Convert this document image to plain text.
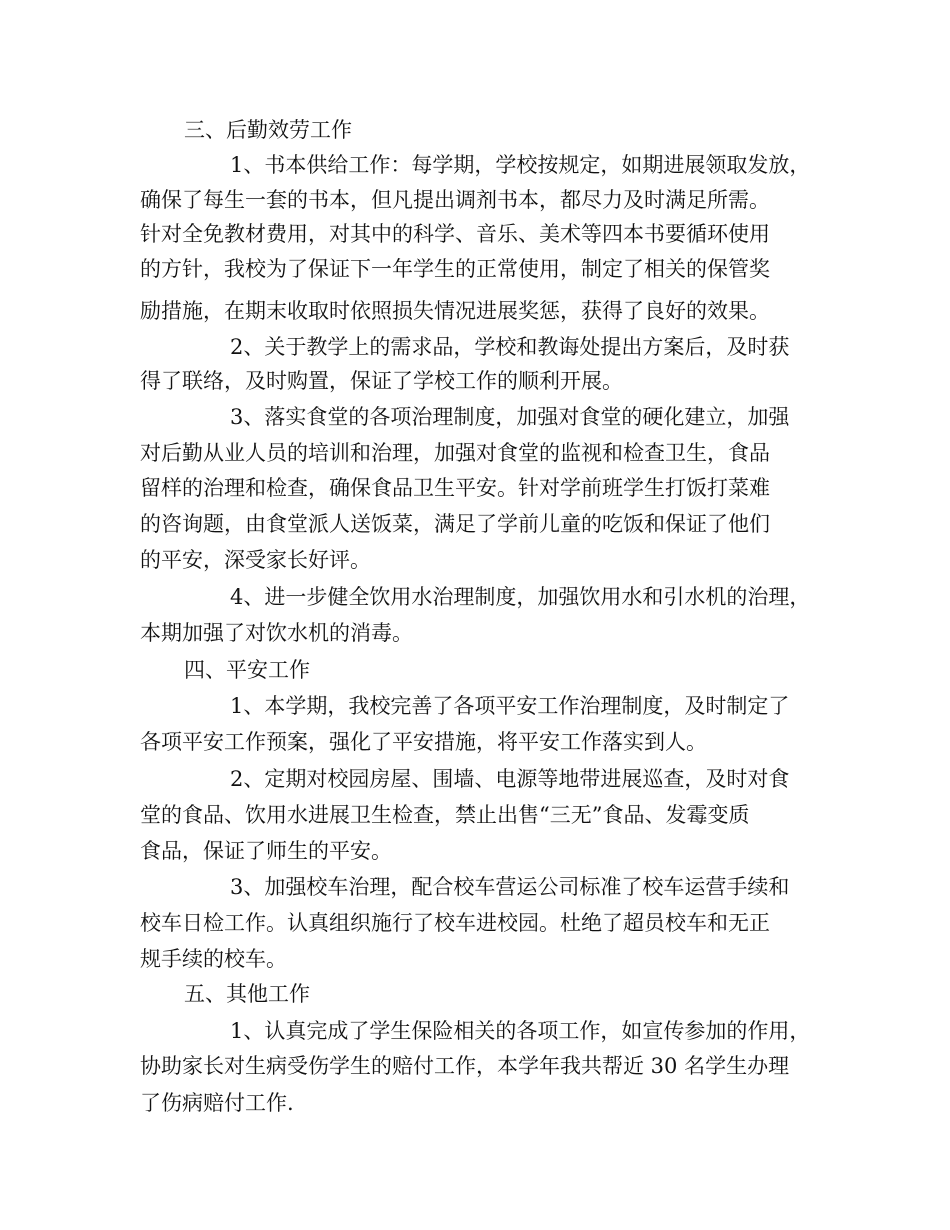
三、后勤效劳工作
1、书本供给工作：每学期，学校按规定，如期进展领取发放，
确保了每生一套的书本，但凡提出调剂书本，都尽力及时满足所需。
针对全免教材费用，对其中的科学、音乐、美术等四本书要循环使用
的方针，我校为了保证下一年学生的正常使用，制定了相关的保管奖
励措施，在期末收取时依照损失情况进展奖惩，获得了良好的效果。
2、关于教学上的需求品，学校和教诲处提出方案后，及时获
得了联络，及时购置，保证了学校工作的顺利开展。
3、落实食堂的各项治理制度，加强对食堂的硬化建立，加强
对后勤从业人员的培训和治理，加强对食堂的监视和检查卫生，食品
留样的治理和检查，确保食品卫生平安。针对学前班学生打饭打菜难
的咨询题，由食堂派人送饭菜，满足了学前儿童的吃饭和保证了他们
的平安，深受家长好评。
4、进一步健全饮用水治理制度，加强饮用水和引水机的治理，
本期加强了对饮水机的消毒。
四、平安工作
1、本学期，我校完善了各项平安工作治理制度，及时制定了
各项平安工作预案，强化了平安措施，将平安工作落实到人。
2、定期对校园房屋、围墙、电源等地带进展巡查，及时对食
堂的食品、饮用水进展卫生检查，禁止出售“三无”食品、发霉变质
食品，保证了师生的平安。
3、加强校车治理，配合校车营运公司标准了校车运营手续和
校车日检工作。认真组织施行了校车进校园。杜绝了超员校车和无正
规手续的校车。
五、其他工作
1、认真完成了学生保险相关的各项工作，如宣传参加的作用，
协助家长对生病受伤学生的赔付工作，本学年我共帮近 30 名学生办理
了伤病赔付工作.
